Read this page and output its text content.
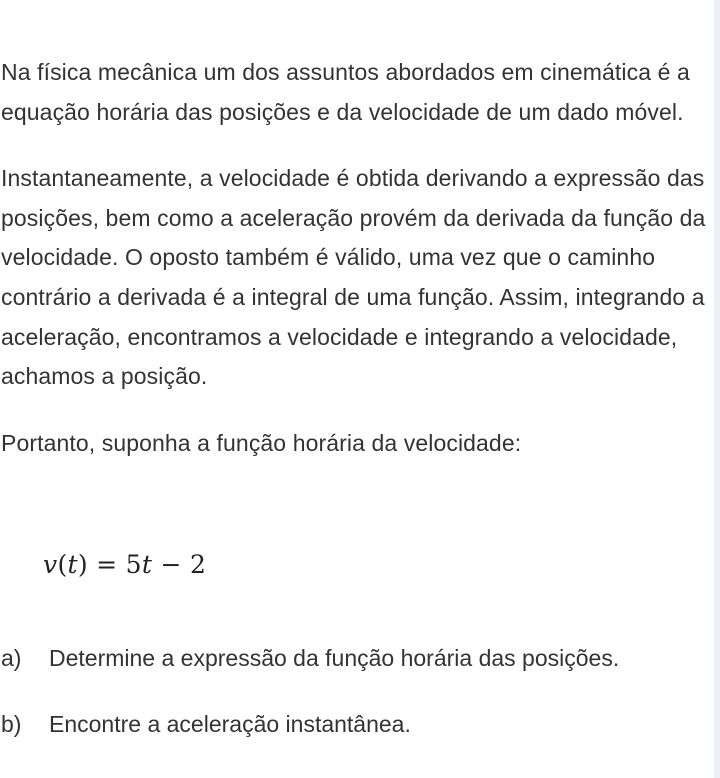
Na física mecânica um dos assuntos abordados em cinemática é a equação horária das posições e da velocidade de um dado móvel.

Instantaneamente, a velocidade é obtida derivando a expressão das posições, bem como a aceleração provém da derivada da função da velocidade. O oposto também é válido, uma vez que o caminho contrário a derivada é a integral de uma função. Assim, integrando a aceleração, encontramos a velocidade e integrando a velocidade, achamos a posição.

Portanto, suponha a função horária da velocidade:

v(t) = 5t − 2
a) Determine a expressão da função horária das posições.
b) Encontre a aceleração instantânea.
